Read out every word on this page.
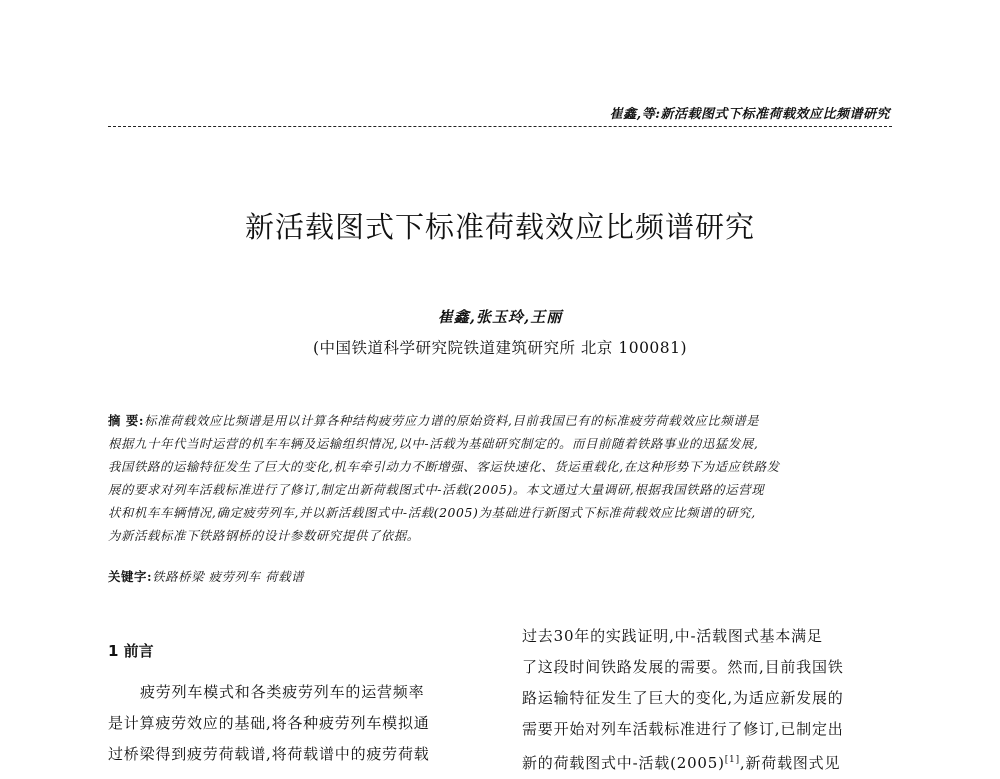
崔鑫,等:新活载图式下标准荷载效应比频谱研究
新活载图式下标准荷载效应比频谱研究
崔鑫,张玉玲,王丽
(中国铁道科学研究院铁道建筑研究所 北京 100081)
摘 要:标准荷载效应比频谱是用以计算各种结构疲劳应力谱的原始资料,目前我国已有的标准疲劳荷载效应比频谱是
根据九十年代当时运营的机车车辆及运输组织情况,以中-活载为基础研究制定的。而目前随着铁路事业的迅猛发展,
我国铁路的运输特征发生了巨大的变化,机车牵引动力不断增强、客运快速化、货运重载化,在这种形势下为适应铁路发
展的要求对列车活载标准进行了修订,制定出新荷载图式中-活载(2005)。本文通过大量调研,根据我国铁路的运营现
状和机车车辆情况,确定疲劳列车,并以新活载图式中-活载(2005)为基础进行新图式下标准荷载效应比频谱的研究,
为新活载标准下铁路钢桥的设计参数研究提供了依据。
关键字:铁路桥梁 疲劳列车 荷载谱
1 前言
疲劳列车模式和各类疲劳列车的运营频率
是计算疲劳效应的基础,将各种疲劳列车模拟通
过桥梁得到疲劳荷载谱,将荷载谱中的疲劳荷载
过去30年的实践证明,中-活载图式基本满足
了这段时间铁路发展的需要。然而,目前我国铁
路运输特征发生了巨大的变化,为适应新发展的
需要开始对列车活载标准进行了修订,已制定出
新的荷载图式中-活载(2005)[1],新荷载图式见
